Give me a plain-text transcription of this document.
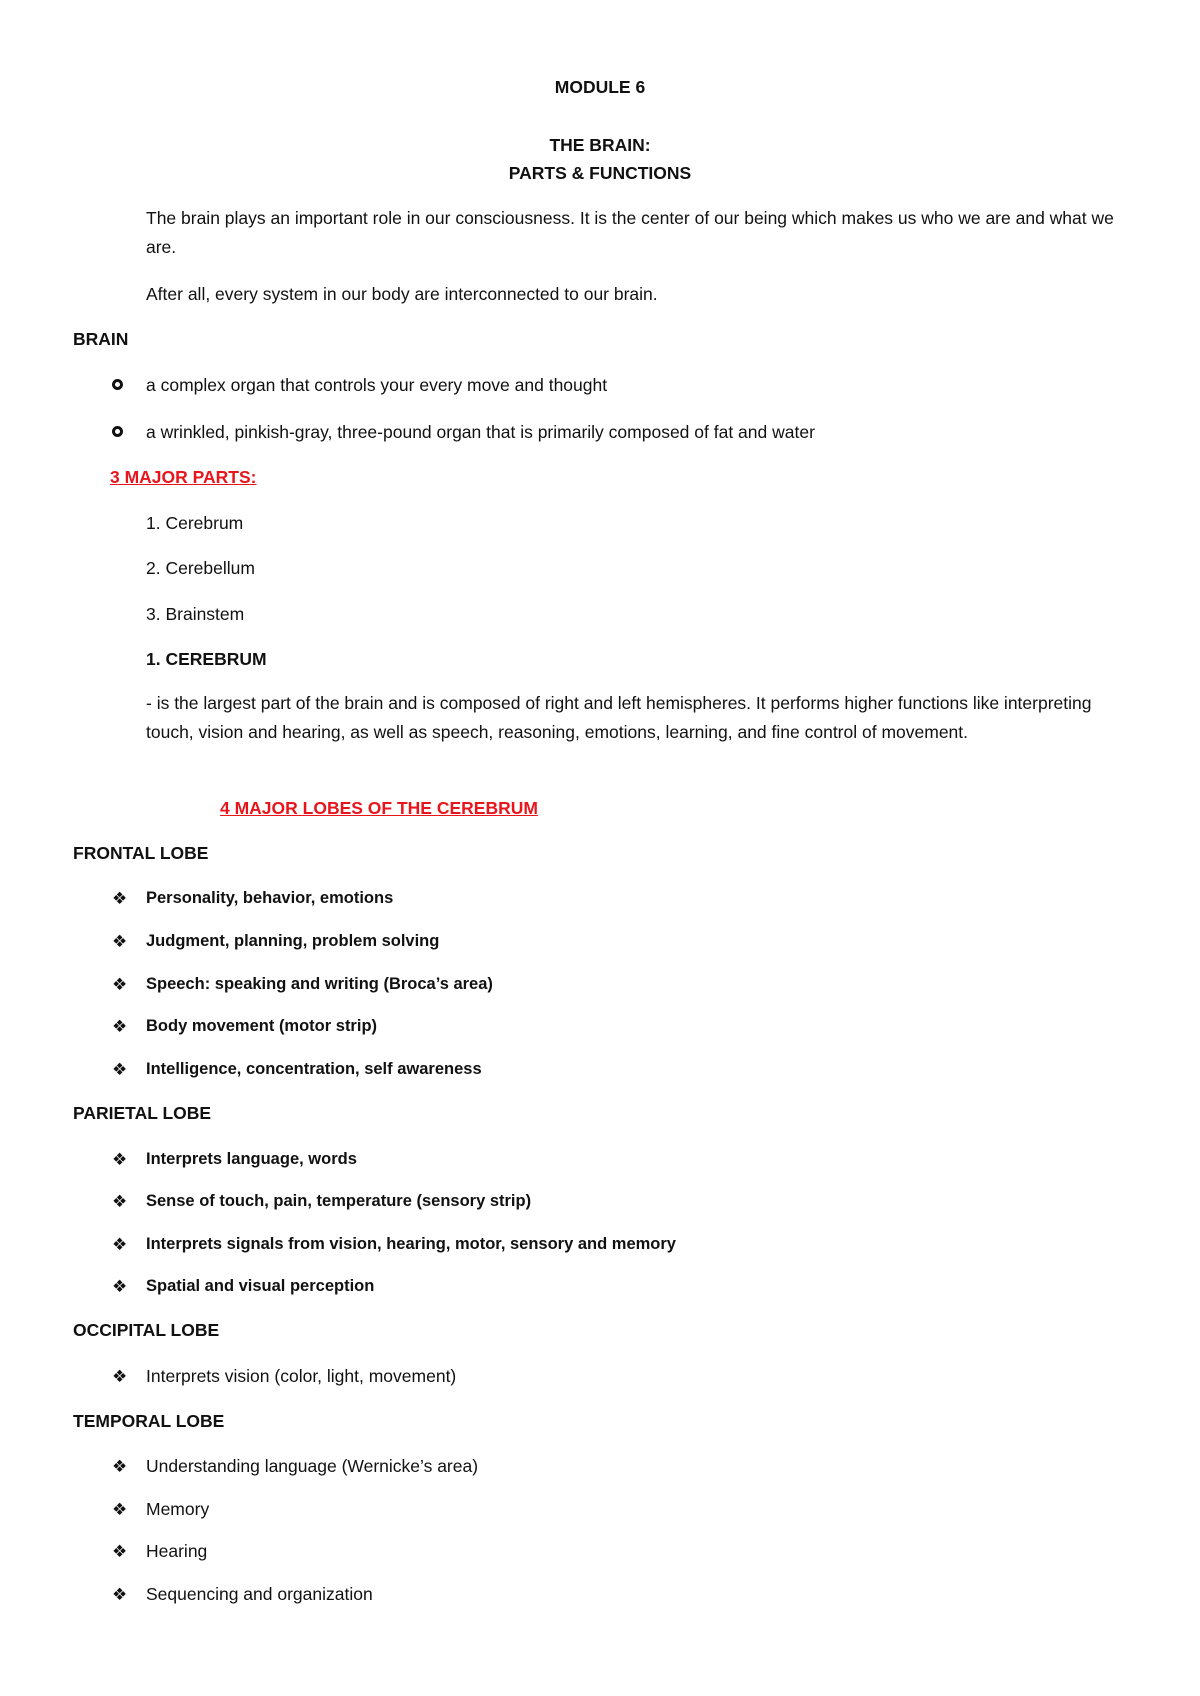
MODULE 6
THE BRAIN:
PARTS & FUNCTIONS
The brain plays an important role in our consciousness. It is the center of our being which makes us who we are and what we are.
After all, every system in our body are interconnected to our brain.
BRAIN
a complex organ that controls your every move and thought
a wrinkled, pinkish-gray, three-pound organ that is primarily composed of fat and water
3 MAJOR PARTS:
1. Cerebrum
2. Cerebellum
3. Brainstem
1. CEREBRUM
- is the largest part of the brain and is composed of right and left hemispheres. It performs higher functions like interpreting touch, vision and hearing, as well as speech, reasoning, emotions, learning, and fine control of movement.
4 MAJOR LOBES OF THE CEREBRUM
FRONTAL LOBE
❖ Personality, behavior, emotions
❖ Judgment, planning, problem solving
❖ Speech: speaking and writing (Broca’s area)
❖ Body movement (motor strip)
❖ Intelligence, concentration, self awareness
PARIETAL LOBE
❖ Interprets language, words
❖ Sense of touch, pain, temperature (sensory strip)
❖ Interprets signals from vision, hearing, motor, sensory and memory
❖ Spatial and visual perception
OCCIPITAL LOBE
❖ Interprets vision (color, light, movement)
TEMPORAL LOBE
❖ Understanding language (Wernicke’s area)
❖ Memory
❖ Hearing
❖ Sequencing and organization
